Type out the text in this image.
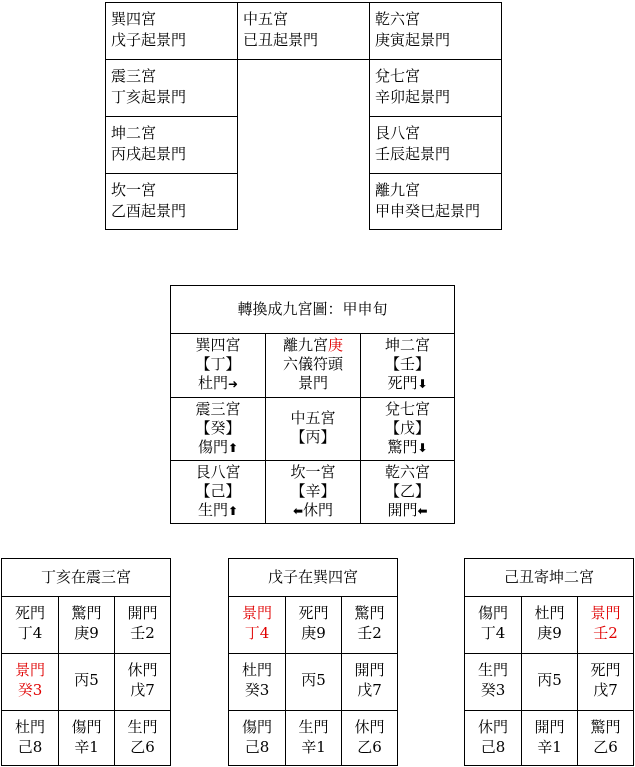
巽四宮
戊子起景門
震三宮
丁亥起景門
坤二宮
丙戌起景門
坎一宮
乙酉起景門
中五宮
已丑起景門
乾六宮
庚寅起景門
兌七宮
辛卯起景門
艮八宮
壬辰起景門
離九宮
甲申癸巳起景門
轉換成九宮圖：甲申旬
巽四宮
【丁】
杜門➜
離九宮庚
六儀符頭
景門
坤二宮
【壬】
死門⬇
震三宮
【癸】
傷門⬆
中五宮
【丙】
兌七宮
【戊】
驚門⬇
艮八宮
【己】
生門⬆
坎一宮
【辛】
⬅休門
乾六宮
【乙】
開門⬅
丁亥在震三宮
死門
丁4
驚門
庚9
開門
壬2
景門
癸3
丙5
休門
戊7
杜門
己8
傷門
辛1
生門
乙6
戊子在巽四宮
景門
丁4
死門
庚9
驚門
壬2
杜門
癸3
丙5
開門
戊7
傷門
己8
生門
辛1
休門
乙6
己丑寄坤二宮
傷門
丁4
杜門
庚9
景門
壬2
生門
癸3
丙5
死門
戊7
休門
己8
開門
辛1
驚門
乙6
